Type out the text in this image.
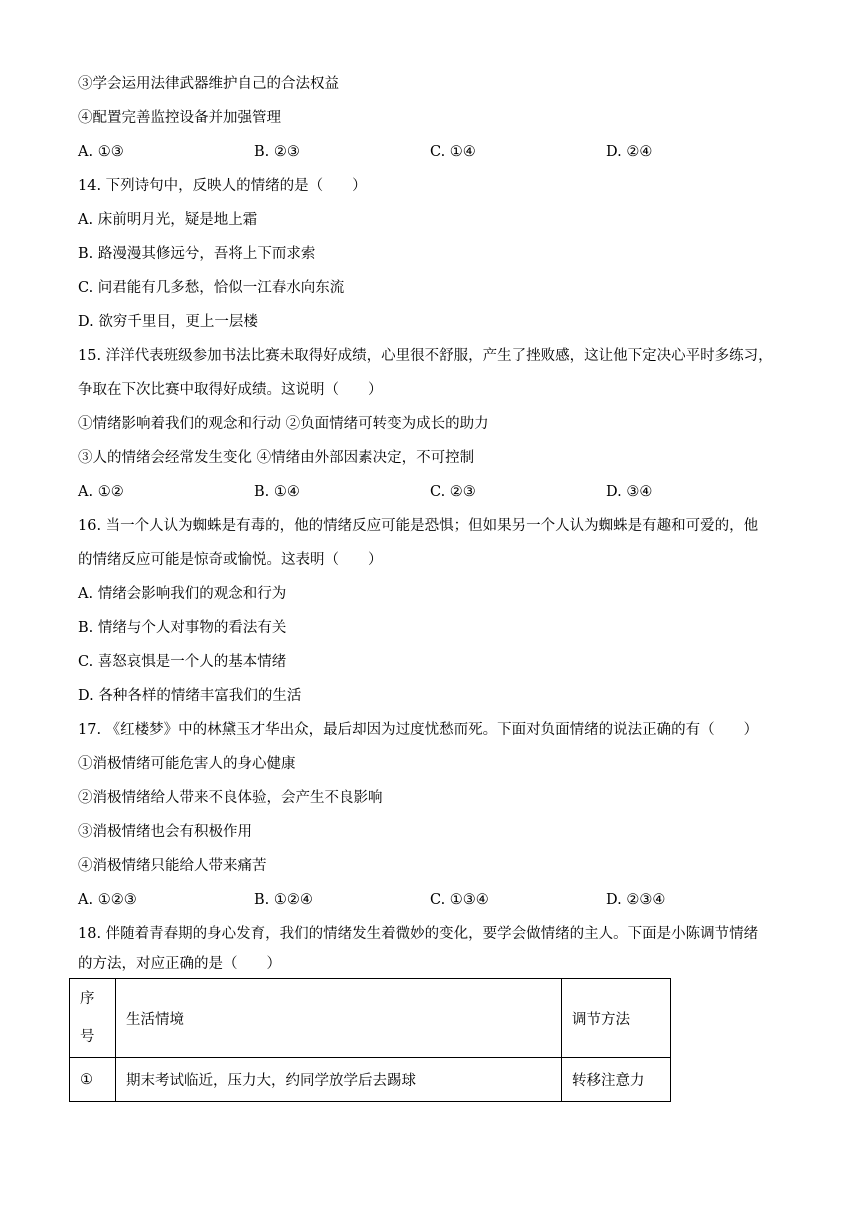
③学会运用法律武器维护自己的合法权益
④配置完善监控设备并加强管理
A. ①③	B. ②③	C. ①④	D. ②④
14. 下列诗句中，反映人的情绪的是（　　）
A. 床前明月光，疑是地上霜
B. 路漫漫其修远兮，吾将上下而求索
C. 问君能有几多愁，恰似一江春水向东流
D. 欲穷千里目，更上一层楼
15. 洋洋代表班级参加书法比赛未取得好成绩，心里很不舒服，产生了挫败感，这让他下定决心平时多练习，
争取在下次比赛中取得好成绩。这说明（　　）
①情绪影响着我们的观念和行动 ②负面情绪可转变为成长的助力
③人的情绪会经常发生变化 ④情绪由外部因素决定，不可控制
A. ①②	B. ①④	C. ②③	D. ③④
16. 当一个人认为蜘蛛是有毒的，他的情绪反应可能是恐惧；但如果另一个人认为蜘蛛是有趣和可爱的，他
的情绪反应可能是惊奇或愉悦。这表明（　　）
A. 情绪会影响我们的观念和行为
B. 情绪与个人对事物的看法有关
C. 喜怒哀惧是一个人的基本情绪
D. 各种各样的情绪丰富我们的生活
17. 《红楼梦》中的林黛玉才华出众，最后却因为过度忧愁而死。下面对负面情绪的说法正确的有（　　）
①消极情绪可能危害人的身心健康
②消极情绪给人带来不良体验，会产生不良影响
③消极情绪也会有积极作用
④消极情绪只能给人带来痛苦
A. ①②③	B. ①②④	C. ①③④	D. ②③④
18. 伴随着青春期的身心发育，我们的情绪发生着微妙的变化，要学会做情绪的主人。下面是小陈调节情绪
的方法，对应正确的是（　　）
序
号	生活情境	调节方法
①	期末考试临近，压力大，约同学放学后去踢球	转移注意力
